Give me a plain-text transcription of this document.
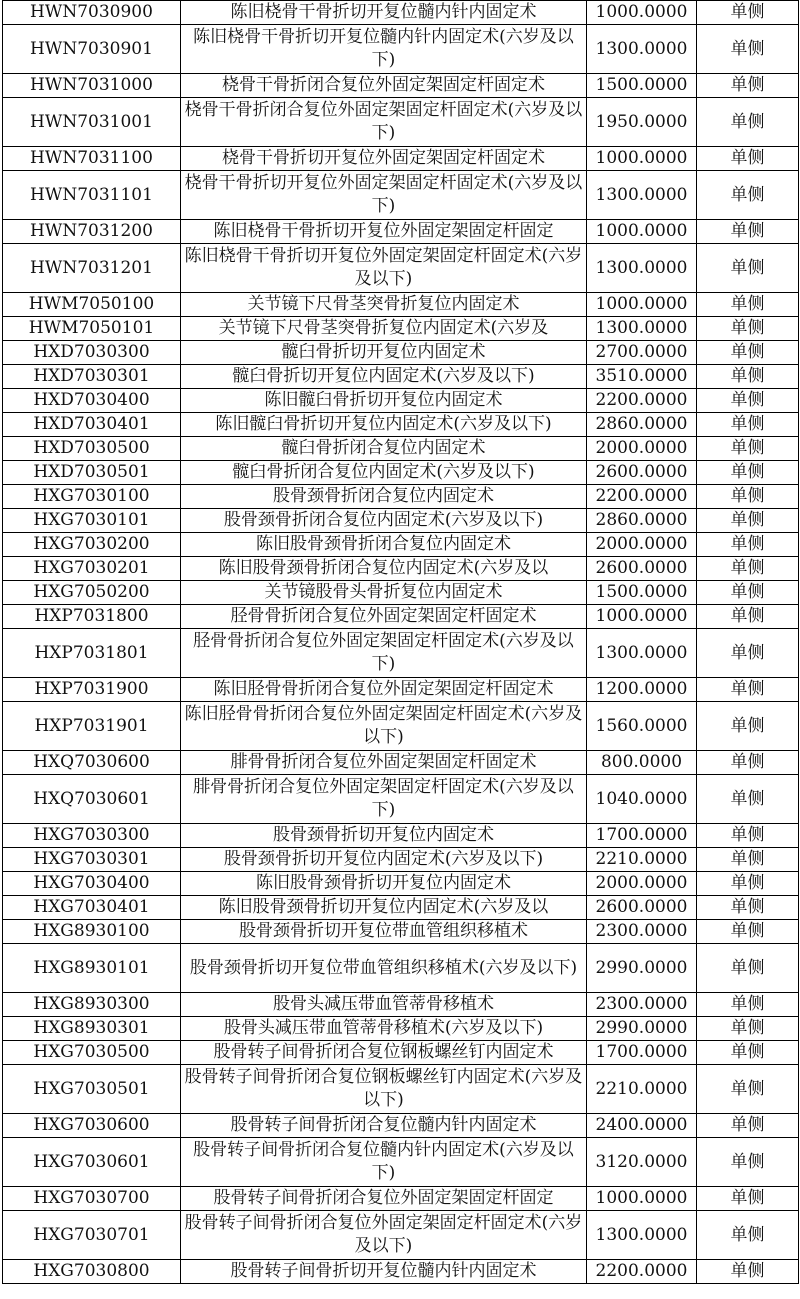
HWN7030900	陈旧桡骨干骨折切开复位髓内针内固定术	1000.0000	单侧
HWN7030901	陈旧桡骨干骨折切开复位髓内针内固定术(六岁及以下)	1300.0000	单侧
HWN7031000	桡骨干骨折闭合复位外固定架固定杆固定术	1500.0000	单侧
HWN7031001	桡骨干骨折闭合复位外固定架固定杆固定术(六岁及以下)	1950.0000	单侧
HWN7031100	桡骨干骨折切开复位外固定架固定杆固定术	1000.0000	单侧
HWN7031101	桡骨干骨折切开复位外固定架固定杆固定术(六岁及以下)	1300.0000	单侧
HWN7031200	陈旧桡骨干骨折切开复位外固定架固定杆固定	1000.0000	单侧
HWN7031201	陈旧桡骨干骨折切开复位外固定架固定杆固定术(六岁及以下)	1300.0000	单侧
HWM7050100	关节镜下尺骨茎突骨折复位内固定术	1000.0000	单侧
HWM7050101	关节镜下尺骨茎突骨折复位内固定术(六岁及	1300.0000	单侧
HXD7030300	髋臼骨折切开复位内固定术	2700.0000	单侧
HXD7030301	髋臼骨折切开复位内固定术(六岁及以下)	3510.0000	单侧
HXD7030400	陈旧髋臼骨折切开复位内固定术	2200.0000	单侧
HXD7030401	陈旧髋臼骨折切开复位内固定术(六岁及以下)	2860.0000	单侧
HXD7030500	髋臼骨折闭合复位内固定术	2000.0000	单侧
HXD7030501	髋臼骨折闭合复位内固定术(六岁及以下)	2600.0000	单侧
HXG7030100	股骨颈骨折闭合复位内固定术	2200.0000	单侧
HXG7030101	股骨颈骨折闭合复位内固定术(六岁及以下)	2860.0000	单侧
HXG7030200	陈旧股骨颈骨折闭合复位内固定术	2000.0000	单侧
HXG7030201	陈旧股骨颈骨折闭合复位内固定术(六岁及以	2600.0000	单侧
HXG7050200	关节镜股骨头骨折复位内固定术	1500.0000	单侧
HXP7031800	胫骨骨折闭合复位外固定架固定杆固定术	1000.0000	单侧
HXP7031801	胫骨骨折闭合复位外固定架固定杆固定术(六岁及以下)	1300.0000	单侧
HXP7031900	陈旧胫骨骨折闭合复位外固定架固定杆固定术	1200.0000	单侧
HXP7031901	陈旧胫骨骨折闭合复位外固定架固定杆固定术(六岁及以下)	1560.0000	单侧
HXQ7030600	腓骨骨折闭合复位外固定架固定杆固定术	800.0000	单侧
HXQ7030601	腓骨骨折闭合复位外固定架固定杆固定术(六岁及以下)	1040.0000	单侧
HXG7030300	股骨颈骨折切开复位内固定术	1700.0000	单侧
HXG7030301	股骨颈骨折切开复位内固定术(六岁及以下)	2210.0000	单侧
HXG7030400	陈旧股骨颈骨折切开复位内固定术	2000.0000	单侧
HXG7030401	陈旧股骨颈骨折切开复位内固定术(六岁及以	2600.0000	单侧
HXG8930100	股骨颈骨折切开复位带血管组织移植术	2300.0000	单侧
HXG8930101	股骨颈骨折切开复位带血管组织移植术(六岁及以下)	2990.0000	单侧
HXG8930300	股骨头减压带血管蒂骨移植术	2300.0000	单侧
HXG8930301	股骨头减压带血管蒂骨移植术(六岁及以下)	2990.0000	单侧
HXG7030500	股骨转子间骨折闭合复位钢板螺丝钉内固定术	1700.0000	单侧
HXG7030501	股骨转子间骨折闭合复位钢板螺丝钉内固定术(六岁及以下)	2210.0000	单侧
HXG7030600	股骨转子间骨折闭合复位髓内针内固定术	2400.0000	单侧
HXG7030601	股骨转子间骨折闭合复位髓内针内固定术(六岁及以下)	3120.0000	单侧
HXG7030700	股骨转子间骨折闭合复位外固定架固定杆固定	1000.0000	单侧
HXG7030701	股骨转子间骨折闭合复位外固定架固定杆固定术(六岁及以下)	1300.0000	单侧
HXG7030800	股骨转子间骨折切开复位髓内针内固定术	2200.0000	单侧
